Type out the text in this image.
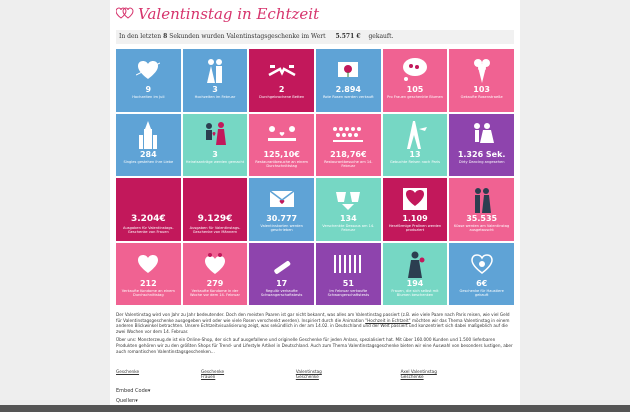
Valentinstag in Echtzeit
In den letzten 8 Sekunden wurden Valentinstagsgeschenke im Wert 5.571 € gekauft.
9
Hochzeiten im Juli
3
Hochzeiten im Februar
2
Durchgebrochene Betten
2.894
Rote Rosen werden verkauft
105
Pro Frauen geschenkte Blumen
103
Gekaufte Rosenstraeße
284
Singles gestehen ihre Liebe
3
Heiratsanträge werden gemacht
125,10€
Restaurantbesuche an einem Durchschnittstag
218,76€
Restaurantbesuche am 14. Februar
13
Gebuchte Reisen nach Paris
1.326 Sek.
Dirty Dancing angesehen
3.204€
Ausgaben für Valentinstags-Geschenke von Frauen
9.129€
Ausgaben für Valentinstags-Geschenke von Männern
30.777
Valentinskarten werden geschrieben
134
Verschenkte Dessous am 14. Februar
1.109
Herzförmige Pralinen werden produziert
35.535
Küsse werden am Valentinstag ausgetauscht
212
Verkaufte Kondome an einem Durchschnittstag
279
Verkaufte Kondome in der Woche vor dem 14. Februar
17
Regulär verkaufte Schwangerschaftstests
51
Im Februar verkaufte Schwangerschaftstests
194
Frauen, die sich selbst mit Blumen beschenken
6€
Geschenke für Haustiere gekauft

Der Valentinstag wird von Jahr zu Jahr bedeutender. Doch den meisten Paaren ist gar nicht bekannt, was alles am Valentinstag passiert (z.B. wie viele Paare nach Paris reisen, wie viel Geld für Valentinstagsgeschenke ausgegeben wird oder wie viele Rosen verschenkt werden). Inspiriert durch die Animation "Hochzeit in Echtzeit" möchten wir das Thema Valentinstag in einem anderen Blickwinkel betrachten. Unsere Echtzeitvisualisierung zeigt, was sekündlich in der am 14.02. in Deutschland und der Welt passiert und konzentriert sich dabei maßgeblich auf die zwei Wochen vor dem 14. Februar.

Über uns: Monsterzeug.de ist ein Online-Shop, der sich auf ausgefallene und originelle Geschenke für jeden Anlass, spezialisiert hat. Mit über 160.000 Kunden und 1.500 lieferbaren Produkten gehören wir zu den größten Shops für Trend- und Lifestyle Artikel in Deutschland. Auch zum Thema Valentinstagsgeschenke bieten wir eine Auswahl von besonders lustigen, aber auch romantischen Valentinstagsgeschenken...

Geschenke	Geschenke Frauen
Valentinstag Geschenke
Axel Valentinstag Geschenke
Embed Code▾
Quellen▾
